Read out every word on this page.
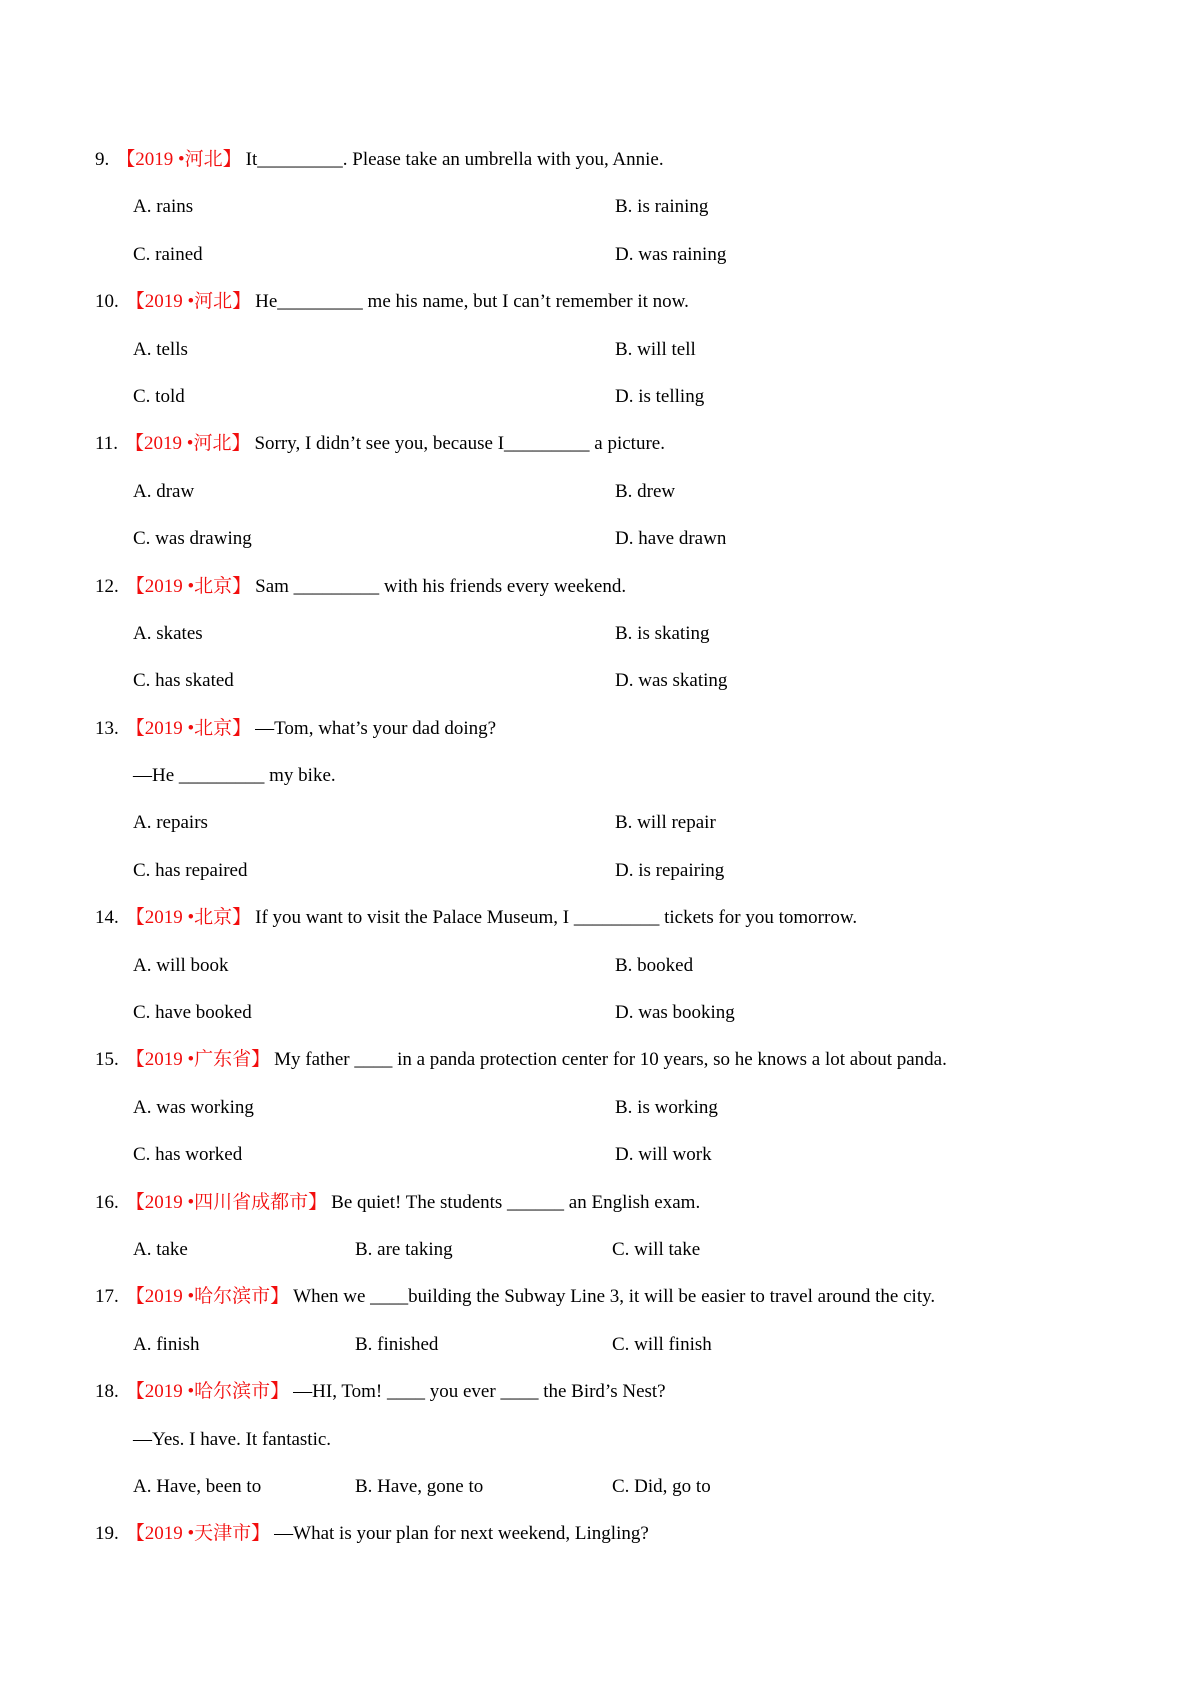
9. 【2019 •河北】 It_________. Please take an umbrella with you, Annie.
A. rains	B. is raining
C. rained	D. was raining
10. 【2019 •河北】 He_________ me his name, but I can’t remember it now.
A. tells	B. will tell
C. told	D. is telling
11. 【2019 •河北】 Sorry, I didn’t see you, because I_________ a picture.
A. draw	B. drew
C. was drawing	D. have drawn
12. 【2019 •北京】 Sam _________ with his friends every weekend.
A. skates	B. is skating
C. has skated	D. was skating
13. 【2019 •北京】 —Tom, what’s your dad doing?
—He _________ my bike.
A. repairs	B. will repair
C. has repaired	D. is repairing
14. 【2019 •北京】 If you want to visit the Palace Museum, I _________ tickets for you tomorrow.
A. will book	B. booked
C. have booked	D. was booking
15. 【2019 •广东省】 My father ____ in a panda protection center for 10 years, so he knows a lot about panda.
A. was working	B. is working
C. has worked	D. will work
16. 【2019 •四川省成都市】 Be quiet! The students ______ an English exam.
A. take	B. are taking	C. will take
17. 【2019 •哈尔滨市】 When we ____building the Subway Line 3, it will be easier to travel around the city.
A. finish	B. finished	C. will finish
18. 【2019 •哈尔滨市】 —HI, Tom! ____ you ever ____ the Bird’s Nest?
—Yes. I have. It fantastic.
A. Have, been to	B. Have, gone to	C. Did, go to
19. 【2019 •天津市】 —What is your plan for next weekend, Lingling?
